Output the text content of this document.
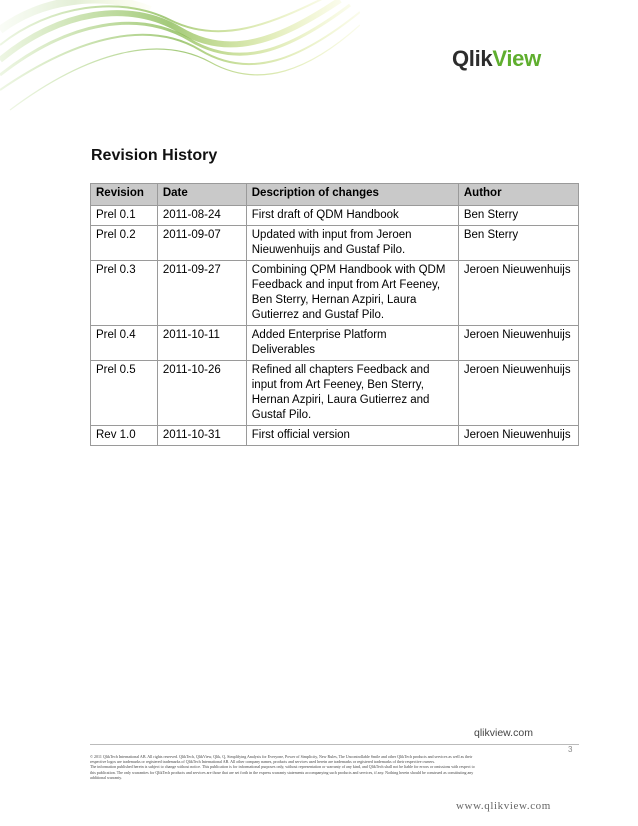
QlikView
Revision History
Revision	Date	Description of changes	Author
Prel 0.1	2011-08-24	First draft of QDM Handbook	Ben Sterry
Prel 0.2	2011-09-07	Updated with input from Jeroen Nieuwenhuijs and Gustaf Pilo.	Ben Sterry
Prel 0.3	2011-09-27	Combining QPM Handbook with QDM Feedback and input from Art Feeney, Ben Sterry, Hernan Azpiri, Laura Gutierrez and Gustaf Pilo.	Jeroen Nieuwenhuijs
Prel 0.4	2011-10-11	Added Enterprise Platform Deliverables	Jeroen Nieuwenhuijs
Prel 0.5	2011-10-26	Refined all chapters Feedback and input from Art Feeney, Ben Sterry, Hernan Azpiri, Laura Gutierrez and Gustaf Pilo.	Jeroen Nieuwenhuijs
Rev 1.0	2011-10-31	First official version	Jeroen Nieuwenhuijs
qlikview.com
3

© 2011 QlikTech International AB. All rights reserved. QlikTech, QlikView, Qlik, Q, Simplifying Analysis for Everyone, Power of Simplicity, New Rules, The Uncontrollable Smile and other QlikTech products and services as well as their respective logos are trademarks or registered trademarks of QlikTech International AB. All other company names, products and services used herein are trademarks or registered trademarks of their respective owners.

The information published herein is subject to change without notice. This publication is for informational purposes only, without representation or warranty of any kind, and QlikTech shall not be liable for errors or omissions with respect to this publication. The only warranties for QlikTech products and services are those that are set forth in the express warranty statements accompanying such products and services, if any. Nothing herein should be construed as constituting any additional warranty.

www.qlikview.com
